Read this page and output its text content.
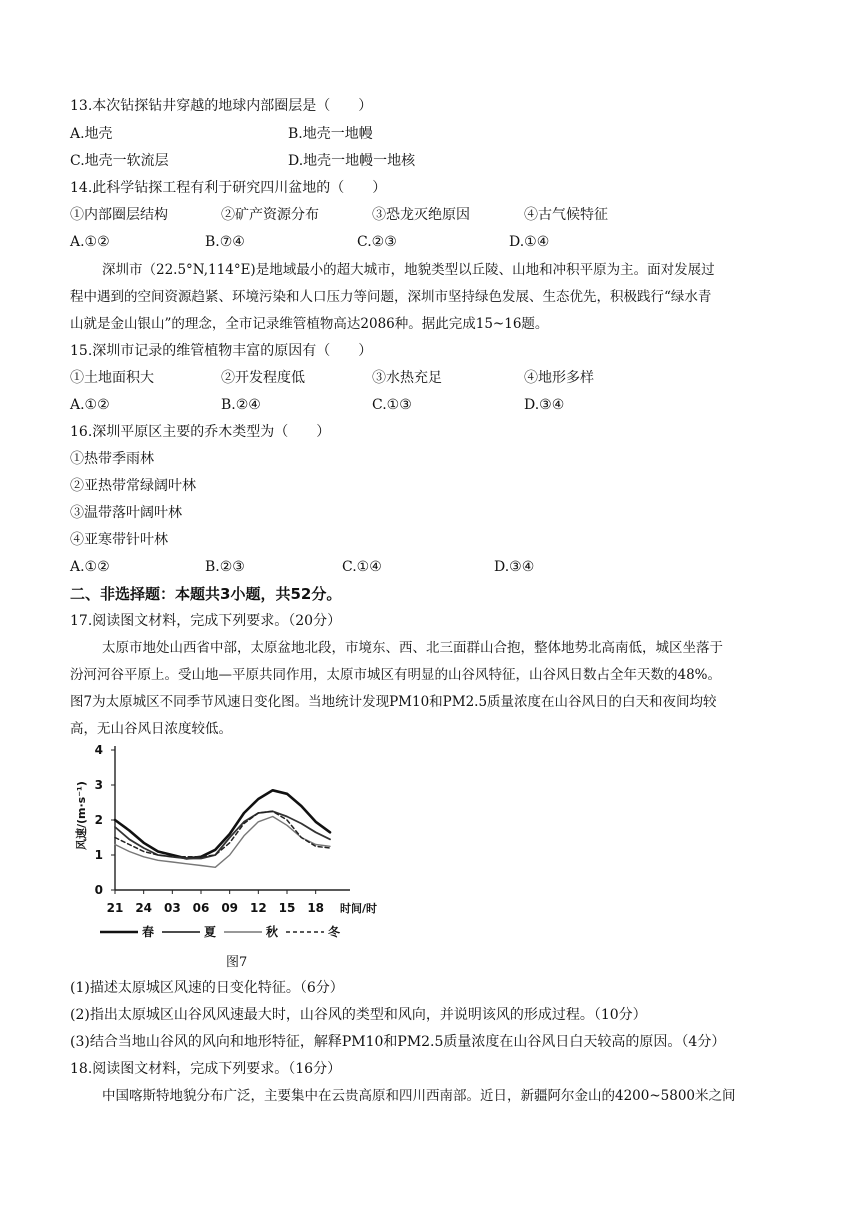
13.本次钻探钻井穿越的地球内部圈层是（　　）
A.地壳	B.地壳一地幔
C.地壳一软流层	D.地壳一地幔一地核
14.此科学钻探工程有利于研究四川盆地的（　　）
①内部圈层结构	②矿产资源分布	③恐龙灭绝原因	④古气候特征
A.①②	B.⑦④	C.②③	D.①④
深圳市（22.5°N,114°E)是地域最小的超大城市，地貌类型以丘陵、山地和冲积平原为主。面对发展过
程中遇到的空间资源趋紧、环境污染和人口压力等问题，深圳市坚持绿色发展、生态优先，积极践行“绿水青
山就是金山银山”的理念，全市记录维管植物高达2086种。据此完成15~16题。
15.深圳市记录的维管植物丰富的原因有（　　）
①土地面积大	②开发程度低	③水热充足	④地形多样
A.①②	B.②④	C.①③	D.③④
16.深圳平原区主要的乔木类型为（　　）
①热带季雨林
②亚热带常绿阔叶林
③温带落叶阔叶林
④亚寒带针叶林
A.①②	B.②③	C.①④	D.③④
二、非选择题：本题共3小题，共52分。
17.阅读图文材料，完成下列要求。（20分）
太原市地处山西省中部，太原盆地北段，市境东、西、北三面群山合抱，整体地势北高南低，城区坐落于
汾河河谷平原上。受山地—平原共同作用，太原市城区有明显的山谷风特征，山谷风日数占全年天数的48%。
图7为太原城区不同季节风速日变化图。当地统计发现PM10和PM2.5质量浓度在山谷风日的白天和夜间均较
高，无山谷风日浓度较低。
0
1
2
3
4
21 24 03 06 09 12 15 18 时间/时
风速/(m·s⁻¹)
春	夏	秋	冬
图7
(1)描述太原城区风速的日变化特征。（6分）
(2)指出太原城区山谷风风速最大时，山谷风的类型和风向，并说明该风的形成过程。（10分）
(3)结合当地山谷风的风向和地形特征，解释PM10和PM2.5质量浓度在山谷风日白天较高的原因。（4分）
18.阅读图文材料，完成下列要求。（16分）
中国喀斯特地貌分布广泛，主要集中在云贵高原和四川西南部。近日，新疆阿尔金山的4200~5800米之间
